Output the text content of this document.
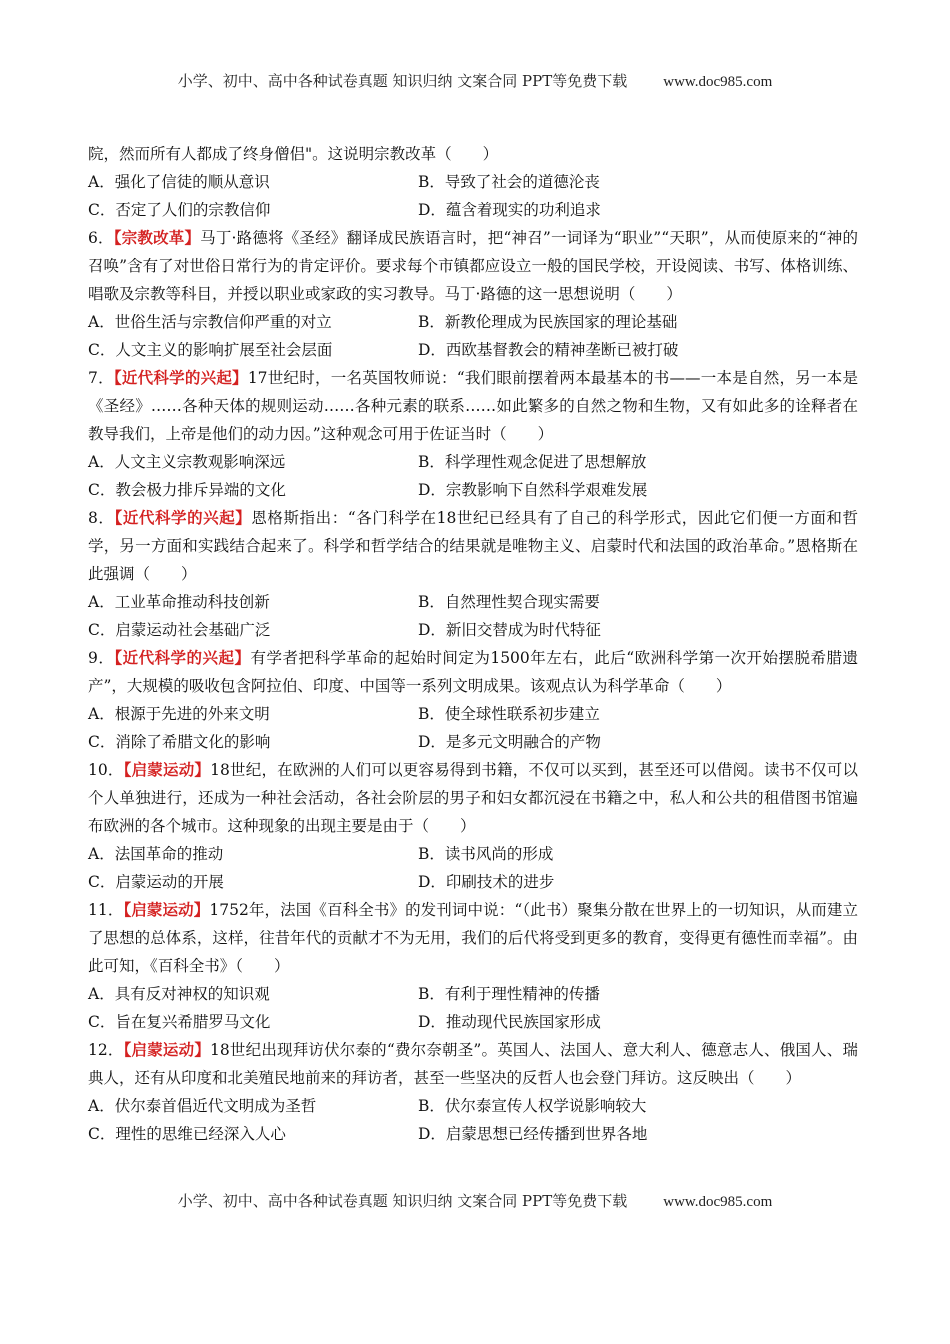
小学、初中、高中各种试卷真题 知识归纳 文案合同 PPT等免费下载 www.doc985.com
院，然而所有人都成了终身僧侣"。这说明宗教改革（　　）
A．强化了信徒的顺从意识	B．导致了社会的道德沦丧
C．否定了人们的宗教信仰	D．蕴含着现实的功利追求
6．【宗教改革】马丁·路德将《圣经》翻译成民族语言时，把“神召”一词译为“职业”“天职”，从而使原来的“神的召唤”含有了对世俗日常行为的肯定评价。要求每个市镇都应设立一般的国民学校，开设阅读、书写、体格训练、唱歌及宗教等科目，并授以职业或家政的实习教导。马丁·路德的这一思想说明（　　）
A．世俗生活与宗教信仰严重的对立	B．新教伦理成为民族国家的理论基础
C．人文主义的影响扩展至社会层面	D．西欧基督教会的精神垄断已被打破
7．【近代科学的兴起】17世纪时，一名英国牧师说：“我们眼前摆着两本最基本的书——一本是自然，另一本是《圣经》……各种天体的规则运动……各种元素的联系……如此繁多的自然之物和生物，又有如此多的诠释者在教导我们，上帝是他们的动力因。”这种观念可用于佐证当时（　　）
A．人文主义宗教观影响深远	B．科学理性观念促进了思想解放
C．教会极力排斥异端的文化	D．宗教影响下自然科学艰难发展
8．【近代科学的兴起】恩格斯指出：“各门科学在18世纪已经具有了自己的科学形式，因此它们便一方面和哲学，另一方面和实践结合起来了。科学和哲学结合的结果就是唯物主义、启蒙时代和法国的政治革命。”恩格斯在此强调（　　）
A．工业革命推动科技创新	B．自然理性契合现实需要
C．启蒙运动社会基础广泛	D．新旧交替成为时代特征
9．【近代科学的兴起】有学者把科学革命的起始时间定为1500年左右，此后“欧洲科学第一次开始摆脱希腊遗产”，大规模的吸收包含阿拉伯、印度、中国等一系列文明成果。该观点认为科学革命（　　）
A．根源于先进的外来文明	B．使全球性联系初步建立
C．消除了希腊文化的影响	D．是多元文明融合的产物
10．【启蒙运动】18世纪，在欧洲的人们可以更容易得到书籍，不仅可以买到，甚至还可以借阅。读书不仅可以个人单独进行，还成为一种社会活动，各社会阶层的男子和妇女都沉浸在书籍之中，私人和公共的租借图书馆遍布欧洲的各个城市。这种现象的出现主要是由于（　　）
A．法国革命的推动	B．读书风尚的形成
C．启蒙运动的开展	D．印刷技术的进步
11．【启蒙运动】1752年，法国《百科全书》的发刊词中说：“（此书）聚集分散在世界上的一切知识，从而建立了思想的总体系，这样，往昔年代的贡献才不为无用，我们的后代将受到更多的教育，变得更有德性而幸福”。由此可知，《百科全书》（　　）
A．具有反对神权的知识观	B．有利于理性精神的传播
C．旨在复兴希腊罗马文化	D．推动现代民族国家形成
12．【启蒙运动】18世纪出现拜访伏尔泰的“费尔奈朝圣”。英国人、法国人、意大利人、德意志人、俄国人、瑞典人，还有从印度和北美殖民地前来的拜访者，甚至一些坚决的反哲人也会登门拜访。这反映出（　　）
A．伏尔泰首倡近代文明成为圣哲	B．伏尔泰宣传人权学说影响较大
C．理性的思维已经深入人心	D．启蒙思想已经传播到世界各地
小学、初中、高中各种试卷真题 知识归纳 文案合同 PPT等免费下载 www.doc985.com
